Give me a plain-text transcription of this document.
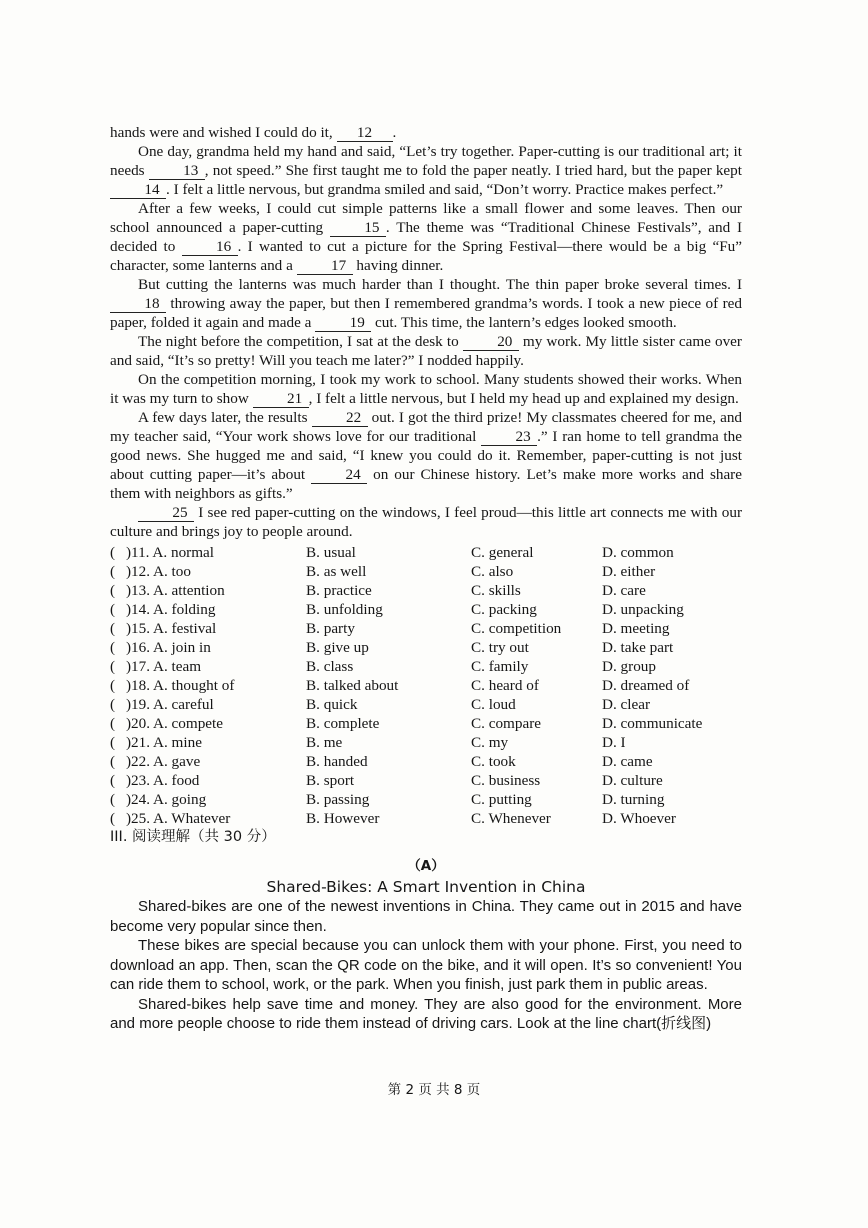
hands were and wished I could do it, 12 .

One day, grandma held my hand and said, “Let’s try together. Paper-cutting is our traditional art; it needs 13 , not speed.” She first taught me to fold the paper neatly. I tried hard, but the paper kept 14 . I felt a little nervous, but grandma smiled and said, “Don’t worry. Practice makes perfect.”

After a few weeks, I could cut simple patterns like a small flower and some leaves. Then our school announced a paper-cutting 15 . The theme was “Traditional Chinese Festivals”, and I decided to 16 . I wanted to cut a picture for the Spring Festival—there would be a big “Fu” character, some lanterns and a 17 having dinner.

But cutting the lanterns was much harder than I thought. The thin paper broke several times. I 18 throwing away the paper, but then I remembered grandma’s words. I took a new piece of red paper, folded it again and made a 19 cut. This time, the lantern’s edges looked smooth.

The night before the competition, I sat at the desk to 20 my work. My little sister came over and said, “It’s so pretty! Will you teach me later?” I nodded happily.

On the competition morning, I took my work to school. Many students showed their works. When it was my turn to show 21 , I felt a little nervous, but I held my head up and explained my design.

A few days later, the results 22 out. I got the third prize! My classmates cheered for me, and my teacher said, “Your work shows love for our traditional 23 .” I ran home to tell grandma the good news. She hugged me and said, “I knew you could do it. Remember, paper-cutting is not just about cutting paper—it’s about 24 on our Chinese history. Let’s make more works and share them with neighbors as gifts.”

25 I see red paper-cutting on the windows, I feel proud—this little art connects me with our culture and brings joy to people around.

(	)11. A. normal	B. usual	C. general	D. common
(	)12. A. too	B. as well	C. also	D. either
(	)13. A. attention	B. practice	C. skills	D. care
(	)14. A. folding	B. unfolding	C. packing	D. unpacking
(	)15. A. festival	B. party	C. competition	D. meeting
(	)16. A. join in	B. give up	C. try out	D. take part
(	)17. A. team	B. class	C. family	D. group
(	)18. A. thought of	B. talked about	C. heard of	D. dreamed of
(	)19. A. careful	B. quick	C. loud	D. clear
(	)20. A. compete	B. complete	C. compare	D. communicate
(	)21. A. mine	B. me	C. my	D. I
(	)22. A. gave	B. handed	C. took	D. came
(	)23. A. food	B. sport	C. business	D. culture
(	)24. A. going	B. passing	C. putting	D. turning
(	)25. A. Whatever	B. However	C. Whenever	D. Whoever
III. 阅读理解（共 30 分）
（A）
Shared-Bikes: A Smart Invention in China

Shared-bikes are one of the newest inventions in China. They came out in 2015 and have become very popular since then.

These bikes are special because you can unlock them with your phone. First, you need to download an app. Then, scan the QR code on the bike, and it will open. It’s so convenient! You can ride them to school, work, or the park. When you finish, just park them in public areas.

Shared-bikes help save time and money. They are also good for the environment. More and more people choose to ride them instead of driving cars. Look at the line chart(折线图)

第 2 页 共 8 页
